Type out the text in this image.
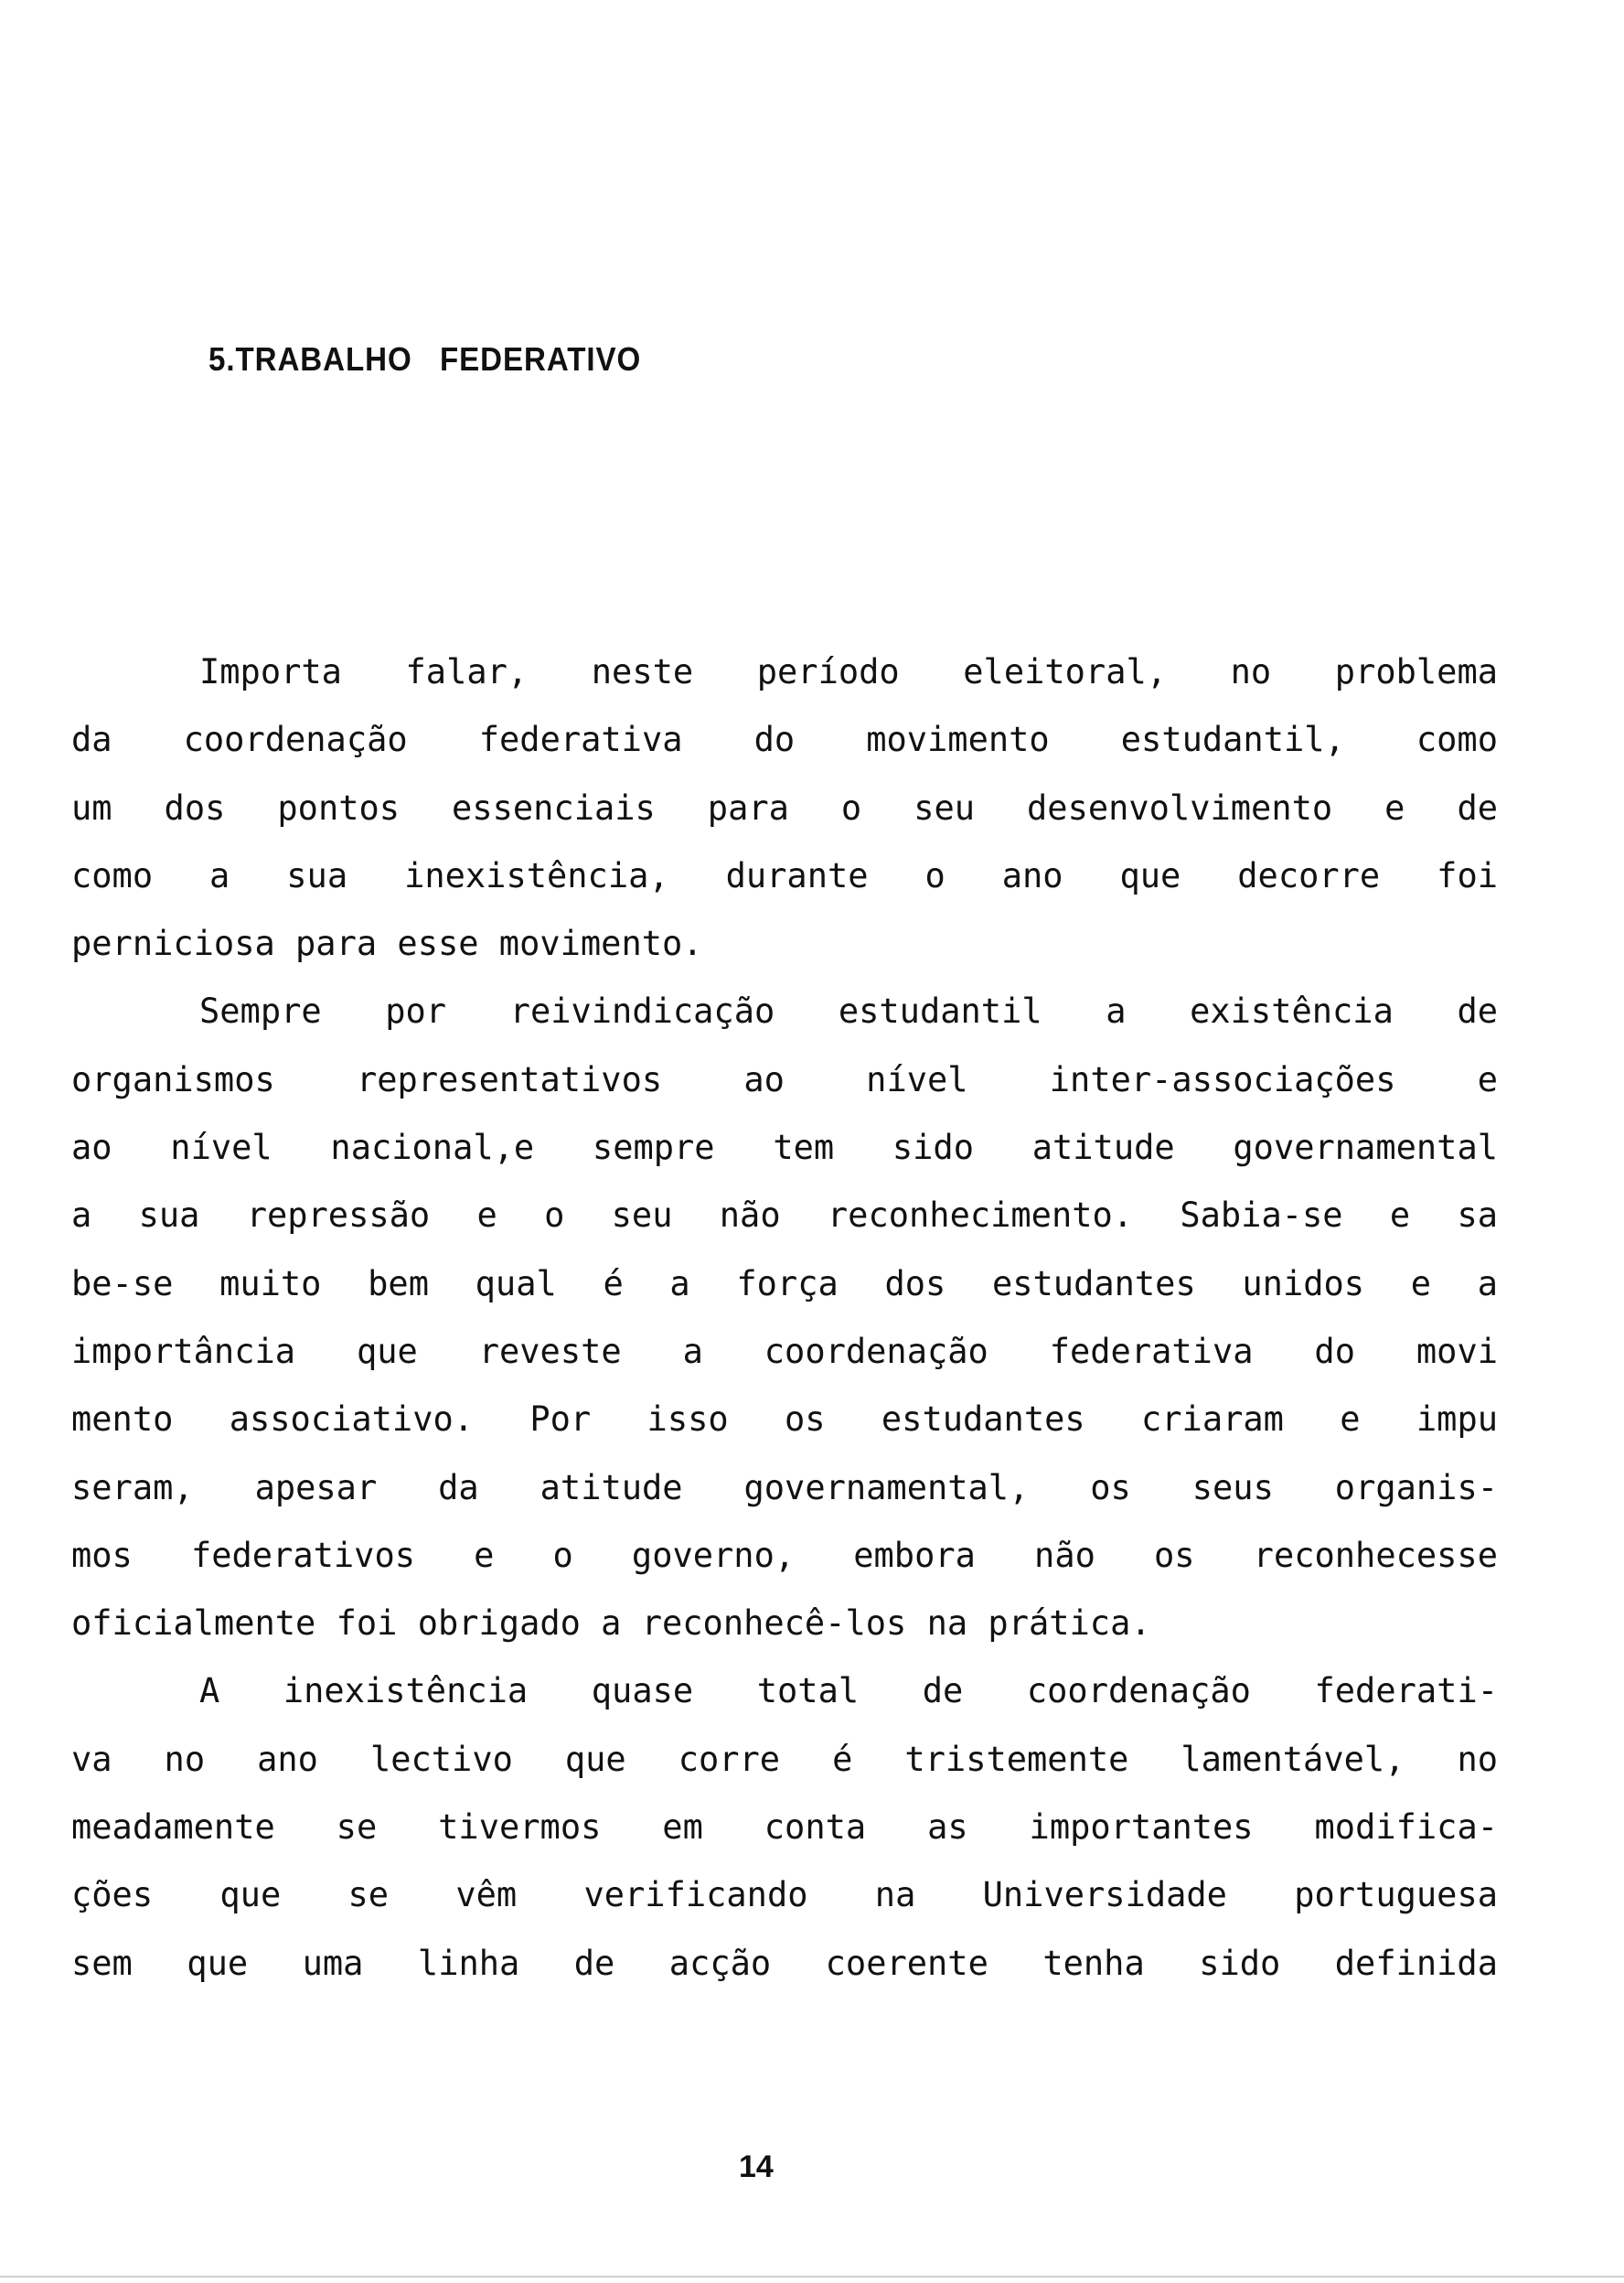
5.TRABALHO   FEDERATIVO
Importa falar, neste período eleitoral, no problema
da coordenação federativa do movimento estudantil, como
um dos pontos essenciais para o seu desenvolvimento e de
como a sua inexistência, durante o ano que decorre foi
perniciosa para esse movimento.
Sempre por reivindicação estudantil a existência de
organismos representativos ao nível inter-associações e
ao nível nacional,e sempre tem sido atitude governamental
a sua repressão e o seu não reconhecimento. Sabia-se e sa
be-se muito bem qual é a força dos estudantes unidos e a
importância que reveste a coordenação federativa do movi
mento associativo. Por isso os estudantes criaram e impu
seram, apesar da atitude governamental, os seus organis-
mos federativos e o governo, embora não os reconhecesse
oficialmente foi obrigado a reconhecê-los na prática.
A inexistência quase total de coordenação federati-
va no ano lectivo que corre é tristemente lamentável, no
meadamente se tivermos em conta as importantes modifica-
ções que se vêm verificando na Universidade portuguesa
sem que uma linha de acção coerente tenha sido definida
14
